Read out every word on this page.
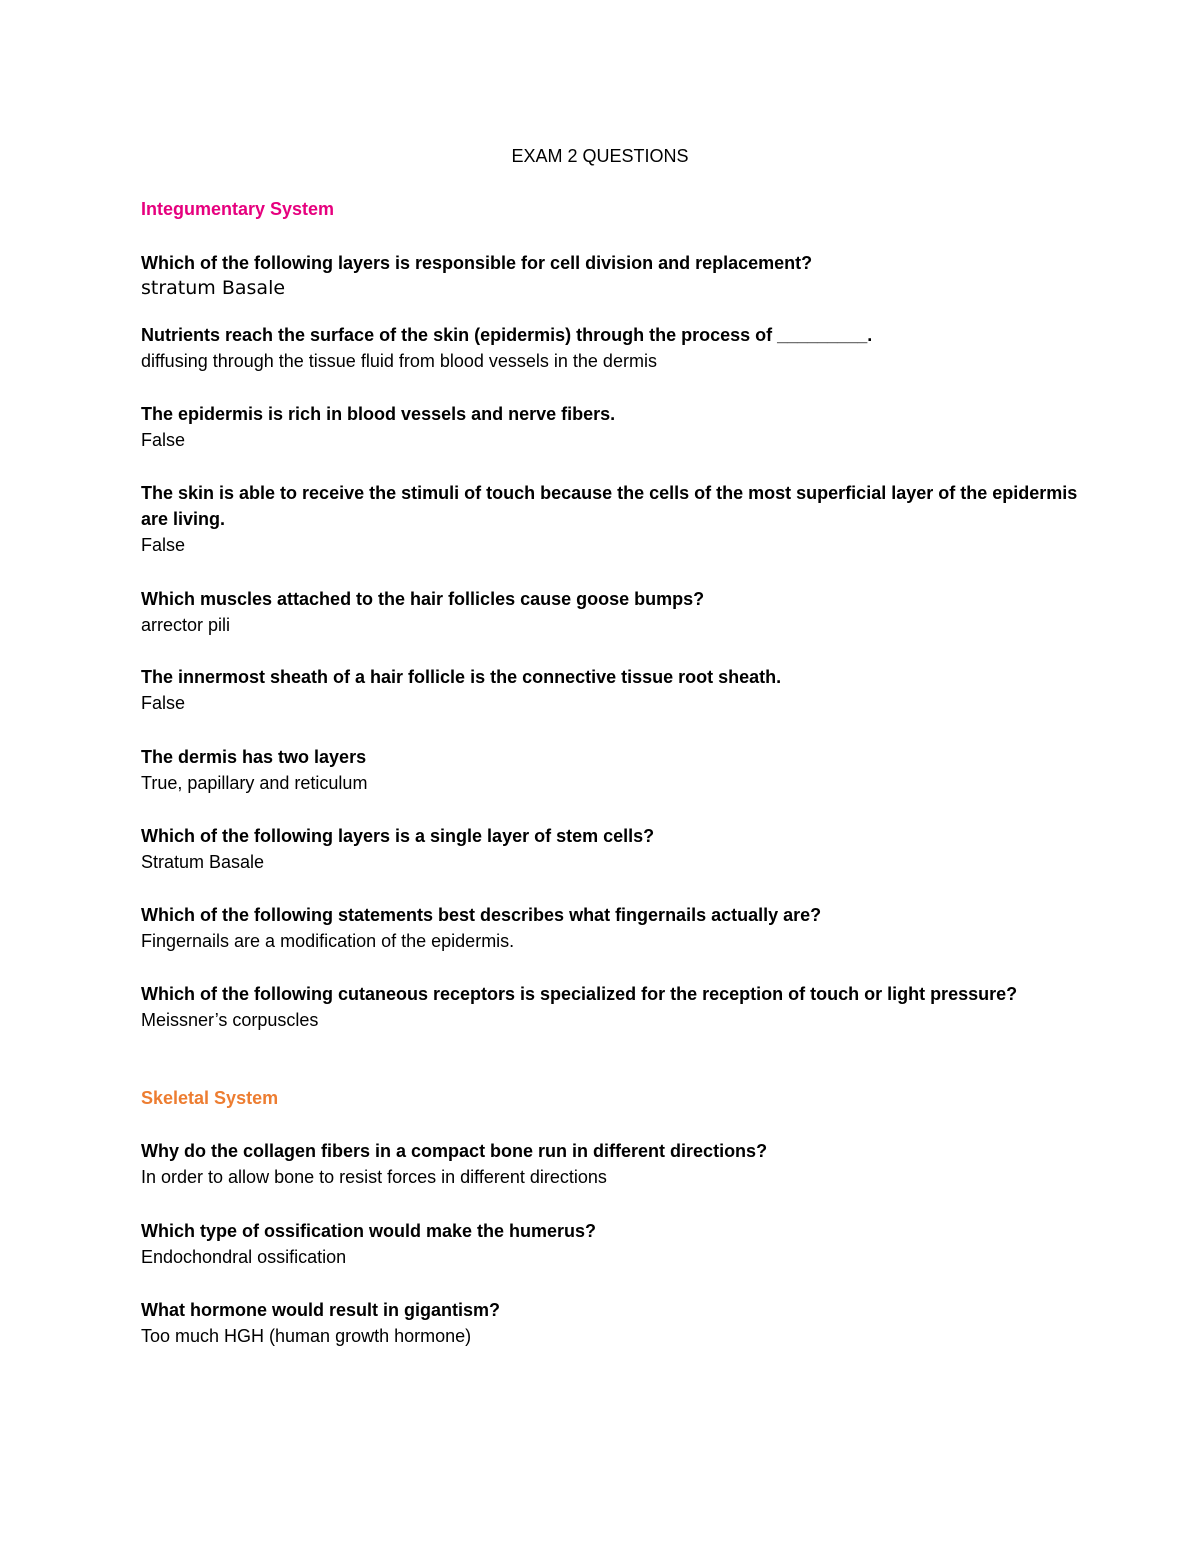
EXAM 2 QUESTIONS
Integumentary System
Which of the following layers is responsible for cell division and replacement?
stratum Basale
Nutrients reach the surface of the skin (epidermis) through the process of _________.
diffusing through the tissue fluid from blood vessels in the dermis
The epidermis is rich in blood vessels and nerve fibers.
False
The skin is able to receive the stimuli of touch because the cells of the most superficial layer of the epidermis are living.
False
Which muscles attached to the hair follicles cause goose bumps?
arrector pili
The innermost sheath of a hair follicle is the connective tissue root sheath.
False
The dermis has two layers
True, papillary and reticulum
Which of the following layers is a single layer of stem cells?
Stratum Basale
Which of the following statements best describes what fingernails actually are?
Fingernails are a modification of the epidermis.
Which of the following cutaneous receptors is specialized for the reception of touch or light pressure?
Meissner’s corpuscles
Skeletal System
Why do the collagen fibers in a compact bone run in different directions?
In order to allow bone to resist forces in different directions
Which type of ossification would make the humerus?
Endochondral ossification
What hormone would result in gigantism?
Too much HGH (human growth hormone)
